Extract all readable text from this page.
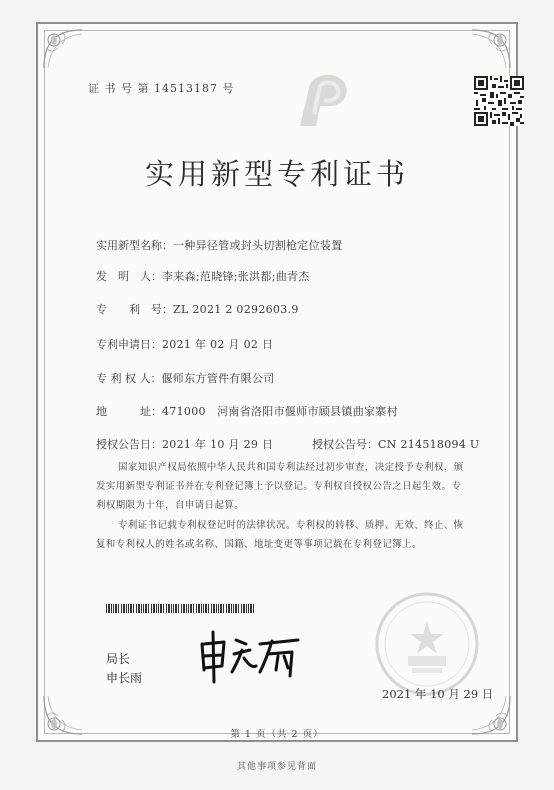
证 书 号 第 14513187 号
实用新型专利证书
实用新型名称：一种异径管或封头切割枪定位装置
发　明　人：李来森;范晓锋;张洪都;曲青杰
专　　利　号：ZL 2021 2 0292603.9
专利申请日：2021 年 02 月 02 日
专 利 权 人：偃师东方管件有限公司
地　　　址：471000　河南省洛阳市偃师市顾县镇曲家寨村
授权公告日：2021 年 10 月 29 日	授权公告号：CN 214518094 U
国家知识产权局依照中华人民共和国专利法经过初步审查，决定授予专利权，颁发实用新型专利证书并在专利登记簿上予以登记。专利权自授权公告之日起生效。专利权期限为十年，自申请日起算。
专利证书记载专利权登记时的法律状况。专利权的转移、质押、无效、终止、恢复和专利权人的姓名或名称、国籍、地址变更等事项记载在专利登记簿上。
局长
申长雨
2021 年 10 月 29 日
第 1 页（共 2 页）
其他事项参见背面
